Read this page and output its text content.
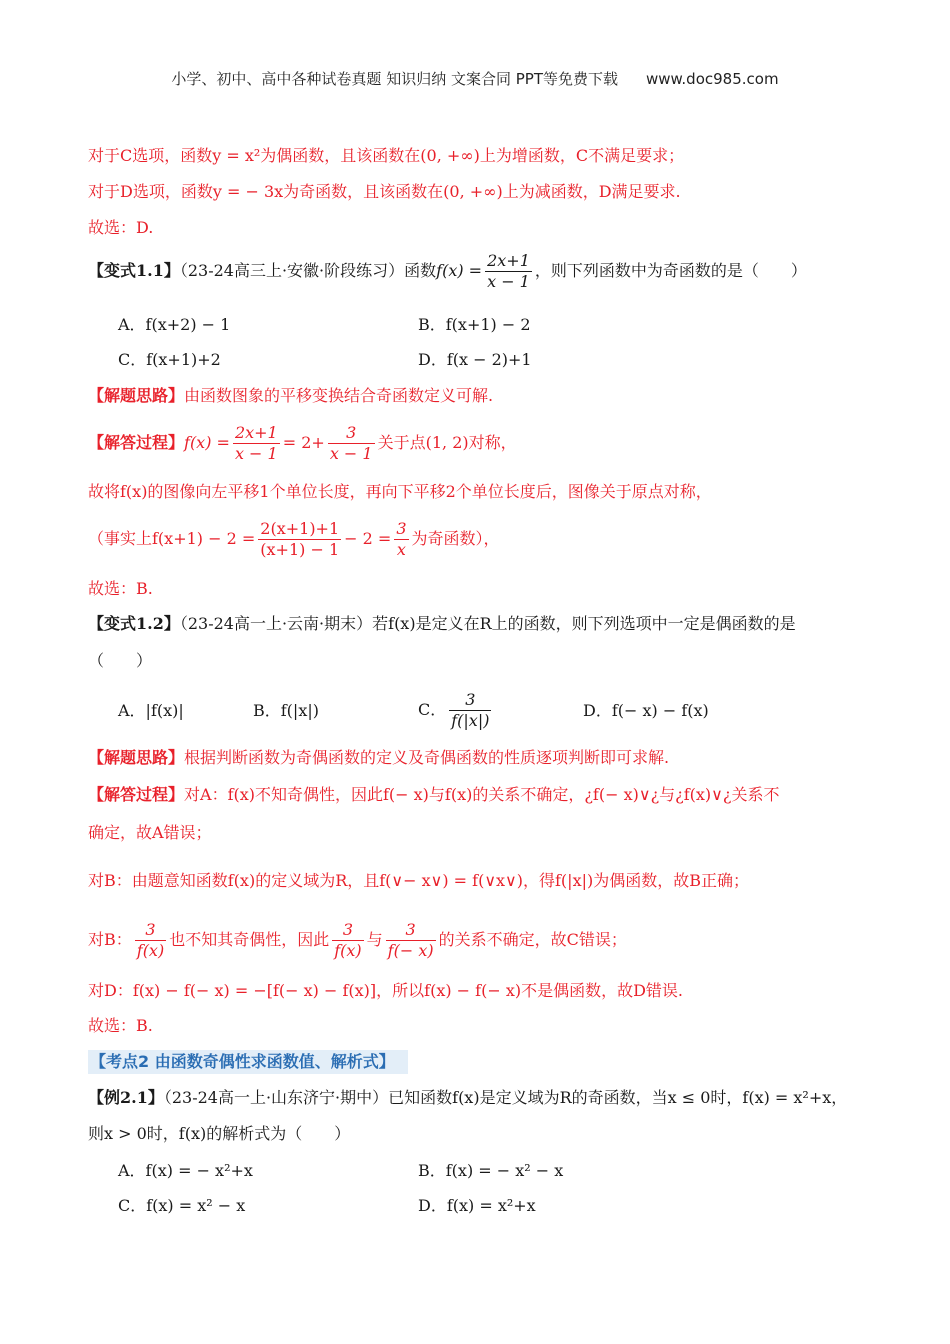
小学、初中、高中各种试卷真题 知识归纳 文案合同 PPT等免费下载 www.doc985.com
对于C选项，函数y = x²为偶函数，且该函数在(0, +∞)上为增函数，C不满足要求；
对于D选项，函数y = − 3x为奇函数，且该函数在(0, +∞)上为减函数，D满足要求.
故选：D.
【变式1.1】（23-24高三上·安徽·阶段练习）函数$f(x) = \frac{2x+1}{x - 1}$ ，则下列函数中为奇函数的是（　　）
A．f(x+2) − 1	B．f(x+1) − 2
C．f(x+1)+2	D．f(x − 2)+1
【解题思路】由函数图象的平移变换结合奇函数定义可解.
【解答过程】$f(x) = \frac{2x+1}{x - 1} = 2+ \frac{3}{x - 1}$ 关于点(1, 2)对称，
故将f(x)的图像向左平移1个单位长度，再向下平移2个单位长度后，图像关于原点对称，
（事实上$f(x+1) - 2 = \frac{2(x+1)+1}{(x+1) - 1} - 2 = \frac{3}{x}$ 为奇函数），
故选：B.
【变式1.2】（23-24高一上·云南·期末）若f(x)是定义在R上的函数，则下列选项中一定是偶函数的是
（　　）
A．|f(x)|	B．f(|x|)	C． $\frac{3}{f(|x|)}$	D．f(− x) − f(x)
【解题思路】根据判断函数为奇偶函数的定义及奇偶函数的性质逐项判断即可求解.
【解答过程】对A：f(x)不知奇偶性，因此f(− x)与f(x)的关系不确定，¿f(− x)∨¿与¿f(x)∨¿关系不
确定，故A错误；
对B：由题意知函数f(x)的定义域为R，且f(∨− x∨) = f(∨x∨)，得f(|x|)为偶函数，故B正确；
对B： $\frac{3}{f(x)}$ 也不知其奇偶性，因此 $\frac{3}{f(x)}$ 与 $\frac{3}{f(- x)}$ 的关系不确定，故C错误；
对D：f(x) − f(− x) = −[f(− x) − f(x)]，所以f(x) − f(− x)不是偶函数，故D错误.
故选：B.
【考点2 由函数奇偶性求函数值、解析式】
【例2.1】（23-24高一上·山东济宁·期中）已知函数f(x)是定义域为R的奇函数，当x ≤ 0时，f(x) = x²+x，
则x > 0时，f(x)的解析式为（　　）
A．f(x) = − x²+x	B．f(x) = − x² − x
C．f(x) = x² − x	D．f(x) = x²+x
